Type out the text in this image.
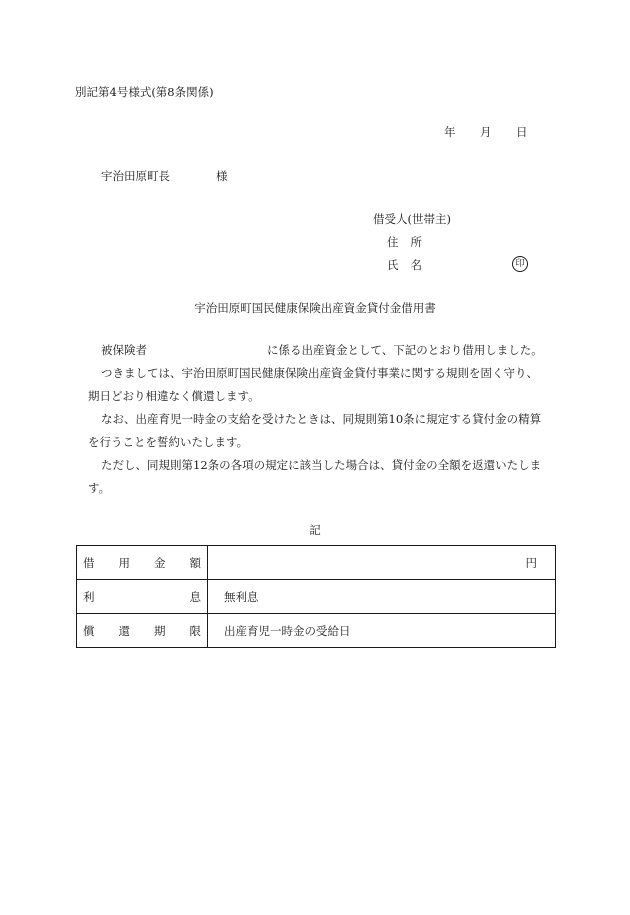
別記第4号様式(第8条関係)
年 月 日
宇治田原町長	様
借受人(世帯主)
住 所
氏 名	印
宇治田原町国民健康保険出産資金貸付金借用書
被保険者	に係る出産資金として、下記のとおり借用しました。
つきましては、宇治田原町国民健康保険出産資金貸付事業に関する規則を固く守り、
期日どおり相違なく償還します。
なお、出産育児一時金の支給を受けたときは、同規則第10条に規定する貸付金の精算
を行うことを誓約いたします。
ただし、同規則第12条の各項の規定に該当した場合は、貸付金の全額を返還いたしま
す。
記
借 用 金 額	円

利 息	無利息

償 還 期 限	出産育児一時金の受給日
